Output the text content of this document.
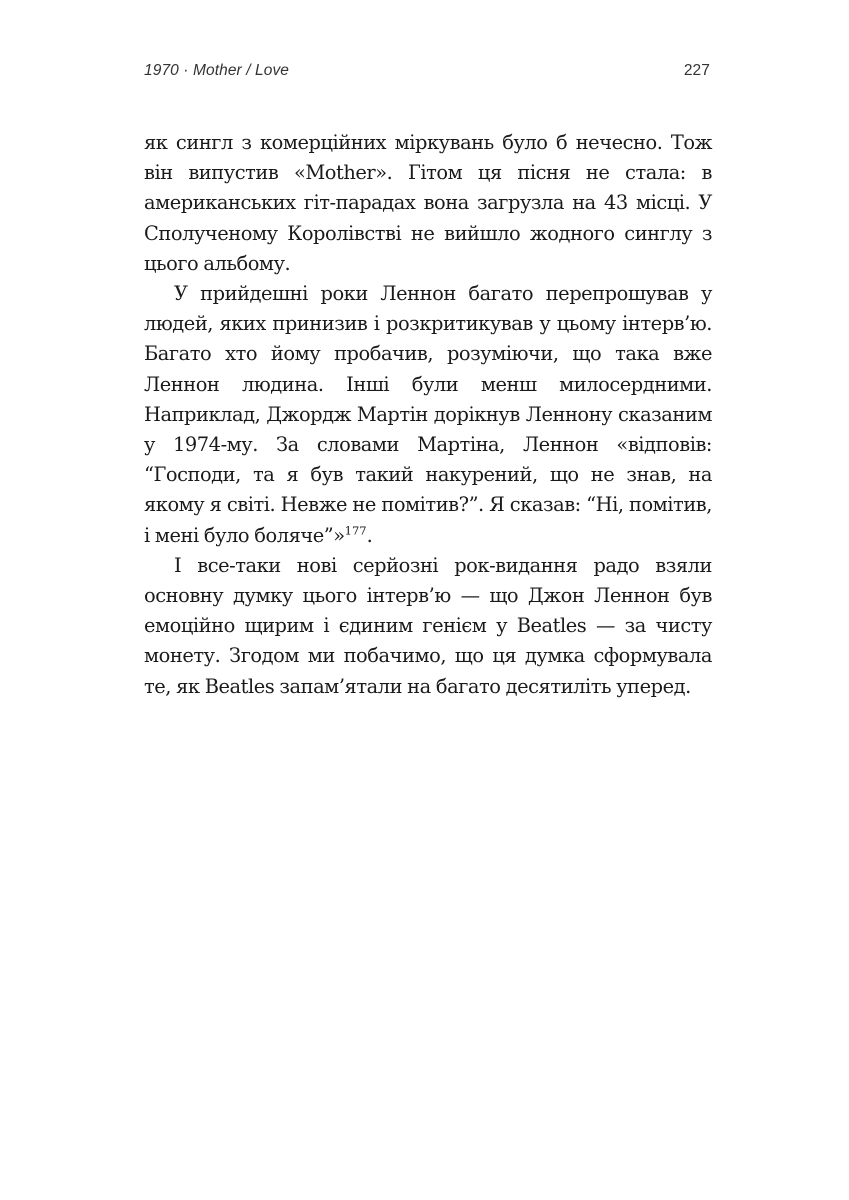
1970 · Mother / Love	227

як сингл з комерційних міркувань було б нечесно. Тож він випустив «Mother». Гітом ця пісня не стала: в американських гіт-парадах вона загрузла на 43 місці. У Сполученому Королівстві не вийшло жодного синглу з цього альбому.

У прийдешні роки Леннон багато перепрошував у людей, яких принизив і розкритикував у цьому інтерв’ю. Багато хто йому пробачив, розуміючи, що така вже Леннон людина. Інші були менш милосердними. Наприклад, Джордж Мартін дорікнув Леннону сказаним у 1974-му. За словами Мартіна, Леннон «відповів: “Господи, та я був такий накурений, що не знав, на якому я світі. Невже не помітив?”. Я сказав: “Ні, помітив, і мені було боляче”»$^{177}$.

І все-таки нові серйозні рок-видання радо взяли основну думку цього інтерв’ю — що Джон Леннон був емоційно щирим і єдиним генієм у Beatles — за чисту монету. Згодом ми побачимо, що ця думка сформувала те, як Beatles запам’ятали на багато десятиліть уперед.
